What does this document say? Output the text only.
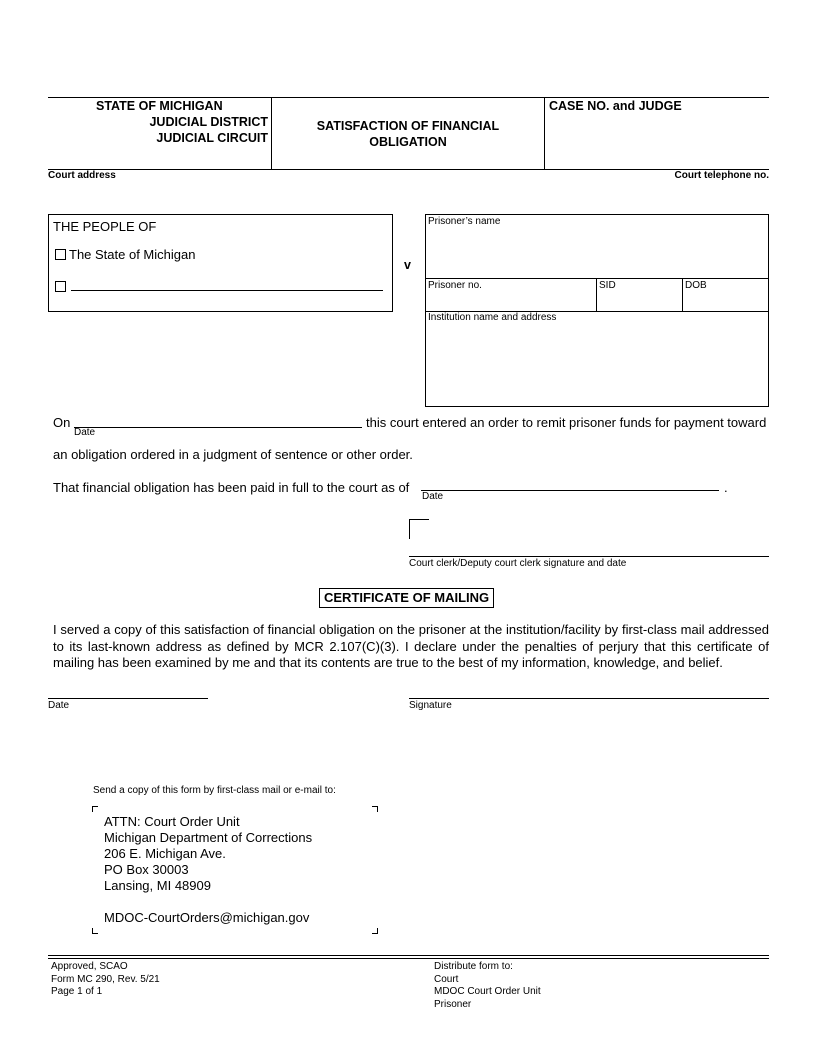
STATE OF MICHIGAN
JUDICIAL DISTRICT
JUDICIAL CIRCUIT
SATISFACTION OF FINANCIAL
OBLIGATION
CASE NO. and JUDGE
Court address	Court telephone no.
THE PEOPLE OF
The State of Michigan
v
Prisoner’s name
Prisoner no.	SID	DOB
Institution name and address
On
Date
this court entered an order to remit prisoner funds for payment toward
an obligation ordered in a judgment of sentence or other order.
That financial obligation has been paid in full to the court as of	.
Date
Court clerk/Deputy court clerk signature and date
CERTIFICATE OF MAILING
I served a copy of this satisfaction of financial obligation on the prisoner at the institution/facility by first-class mail addressed to its last-known address as defined by MCR 2.107(C)(3). I declare under the penalties of perjury that this certificate of mailing has been examined by me and that its contents are true to the best of my information, knowledge, and belief.
Date	Signature
Send a copy of this form by first-class mail or e-mail to:
ATTN: Court Order Unit
Michigan Department of Corrections
206 E. Michigan Ave.
PO Box 30003
Lansing, MI 48909
MDOC-CourtOrders@michigan.gov
Approved, SCAO
Form MC 290, Rev. 5/21
Page 1 of 1
Distribute form to:
Court
MDOC Court Order Unit
Prisoner
